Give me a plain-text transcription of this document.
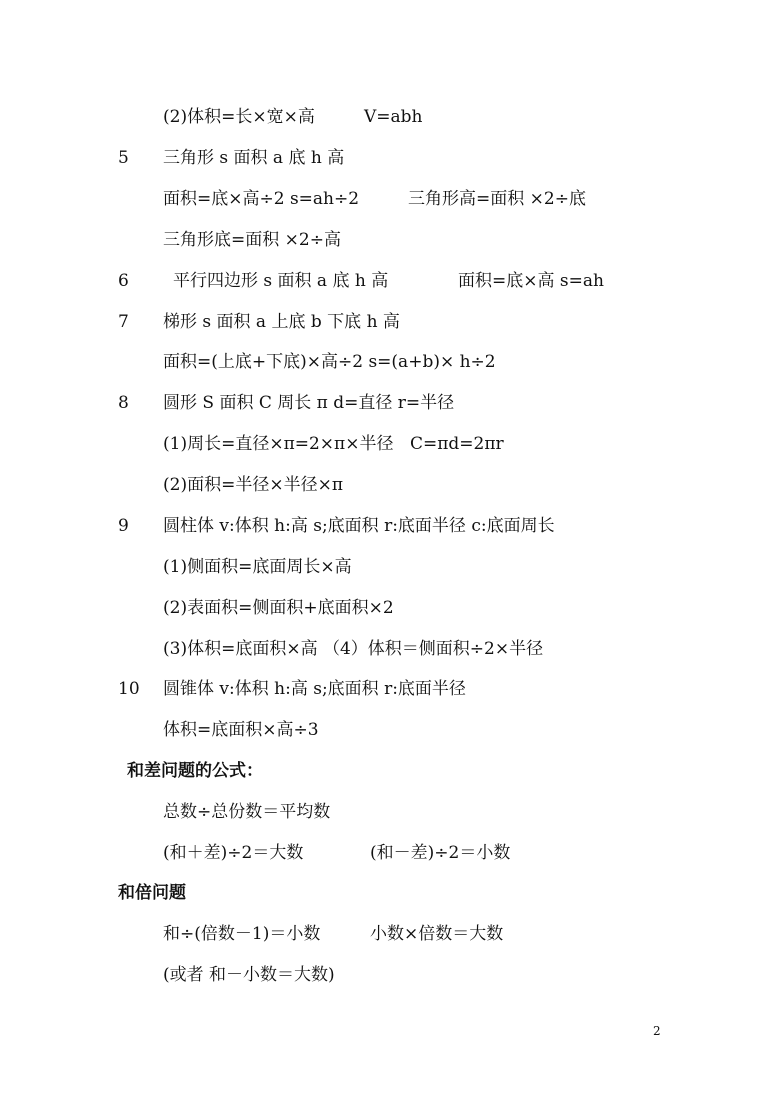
(2)体积=长×宽×高	V=abh
5 三角形 s 面积 a 底 h 高
面积=底×高÷2 s=ah÷2	三角形高=面积 ×2÷底
三角形底=面积 ×2÷高
6	平行四边形 s 面积 a 底 h 高	面积=底×高 s=ah
7 梯形 s 面积 a 上底 b 下底 h 高
面积=(上底+下底)×高÷2 s=(a+b)× h÷2
8 圆形 S 面积 C 周长 π d=直径 r=半径
(1)周长=直径×π=2×π×半径 C=πd=2πr
(2)面积=半径×半径×π
9 圆柱体 v:体积 h:高 s;底面积 r:底面半径 c:底面周长
(1)侧面积=底面周长×高
(2)表面积=侧面积+底面积×2
(3)体积=底面积×高 （4）体积＝侧面积÷2×半径
10 圆锥体 v:体积 h:高 s;底面积 r:底面半径
体积=底面积×高÷3
和差问题的公式：
总数÷总份数＝平均数
(和＋差)÷2＝大数	(和－差)÷2＝小数
和倍问题
和÷(倍数－1)＝小数	小数×倍数＝大数
(或者 和－小数＝大数)
2
